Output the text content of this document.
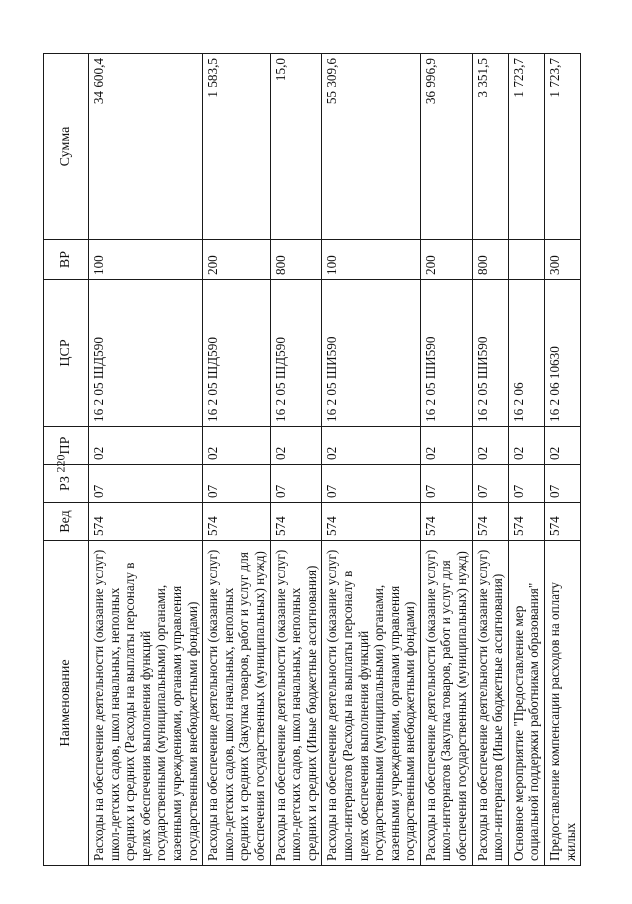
220
Наименование	Вед	РЗ	ПР	ЦСР	ВР	Сумма
Расходы на обеспечение деятельности (оказание услуг) школ-детских садов, школ начальных, неполных средних и средних (Расходы на выплаты персоналу в целях обеспечения выполнения функций государственными (муниципальными) органами, казенными учреждениями, органами управления государственными внебюджетными фондами)	574	07	02	16 2 05 ШД590	100	34 600,4
Расходы на обеспечение деятельности (оказание услуг) школ-детских садов, школ начальных, неполных средних и средних (Закупка товаров, работ и услуг для обеспечения государственных (муниципальных) нужд)	574	07	02	16 2 05 ШД590	200	1 583,5
Расходы на обеспечение деятельности (оказание услуг) школ-детских садов, школ начальных, неполных средних и средних (Иные бюджетные ассигнования)	574	07	02	16 2 05 ШД590	800	15,0
Расходы на обеспечение деятельности (оказание услуг) школ-интернатов (Расходы на выплаты персоналу в целях обеспечения выполнения функций государственными (муниципальными) органами, казенными учреждениями, органами управления государственными внебюджетными фондами)	574	07	02	16 2 05 ШИ590	100	55 309,6
Расходы на обеспечение деятельности (оказание услуг) школ-интернатов (Закупка товаров, работ и услуг для обеспечения государственных (муниципальных) нужд)	574	07	02	16 2 05 ШИ590	200	36 996,9
Расходы на обеспечение деятельности (оказание услуг) школ-интернатов (Иные бюджетные ассигнования)	574	07	02	16 2 05 ШИ590	800	3 351,5
Основное мероприятие "Предоставление мер социальной поддержки работникам образования"	574	07	02	16 2 06		1 723,7
Предоставление компенсации расходов на оплату жилых	574	07	02	16 2 06 10630	300	1 723,7
